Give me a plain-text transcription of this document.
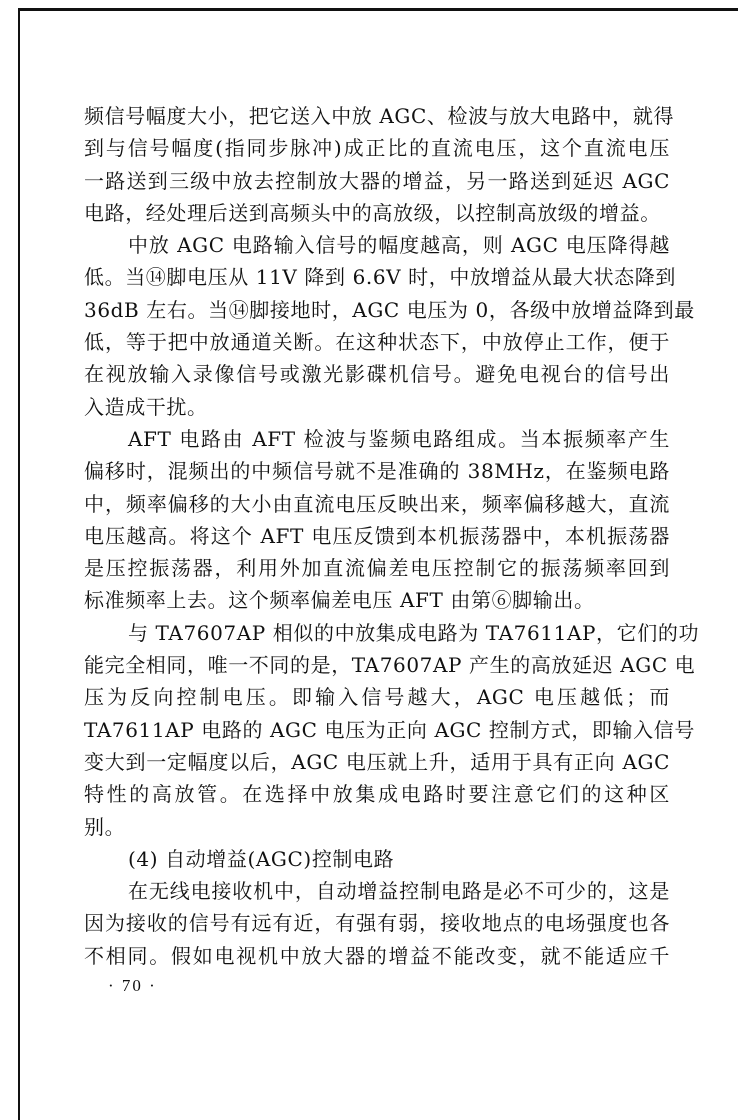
频信号幅度大小，把它送入中放 AGC、检波与放大电路中，就得
到与信号幅度(指同步脉冲)成正比的直流电压，这个直流电压
一路送到三级中放去控制放大器的增益，另一路送到延迟 AGC
电路，经处理后送到高频头中的高放级，以控制高放级的增益。
中放 AGC 电路输入信号的幅度越高，则 AGC 电压降得越
低。当⑭脚电压从 11V 降到 6.6V 时，中放增益从最大状态降到
36dB 左右。当⑭脚接地时，AGC 电压为 0，各级中放增益降到最
低，等于把中放通道关断。在这种状态下，中放停止工作，便于
在视放输入录像信号或激光影碟机信号。避免电视台的信号出
入造成干扰。
AFT 电路由 AFT 检波与鉴频电路组成。当本振频率产生
偏移时，混频出的中频信号就不是准确的 38MHz，在鉴频电路
中，频率偏移的大小由直流电压反映出来，频率偏移越大，直流
电压越高。将这个 AFT 电压反馈到本机振荡器中，本机振荡器
是压控振荡器，利用外加直流偏差电压控制它的振荡频率回到
标准频率上去。这个频率偏差电压 AFT 由第⑥脚输出。
与 TA7607AP 相似的中放集成电路为 TA7611AP，它们的功
能完全相同，唯一不同的是，TA7607AP 产生的高放延迟 AGC 电
压为反向控制电压。即输入信号越大，AGC 电压越低；而
TA7611AP 电路的 AGC 电压为正向 AGC 控制方式，即输入信号
变大到一定幅度以后，AGC 电压就上升，适用于具有正向 AGC
特性的高放管。在选择中放集成电路时要注意它们的这种区
别。
(4) 自动增益(AGC)控制电路
在无线电接收机中，自动增益控制电路是必不可少的，这是
因为接收的信号有远有近，有强有弱，接收地点的电场强度也各
不相同。假如电视机中放大器的增益不能改变，就不能适应千
· 70 ·
